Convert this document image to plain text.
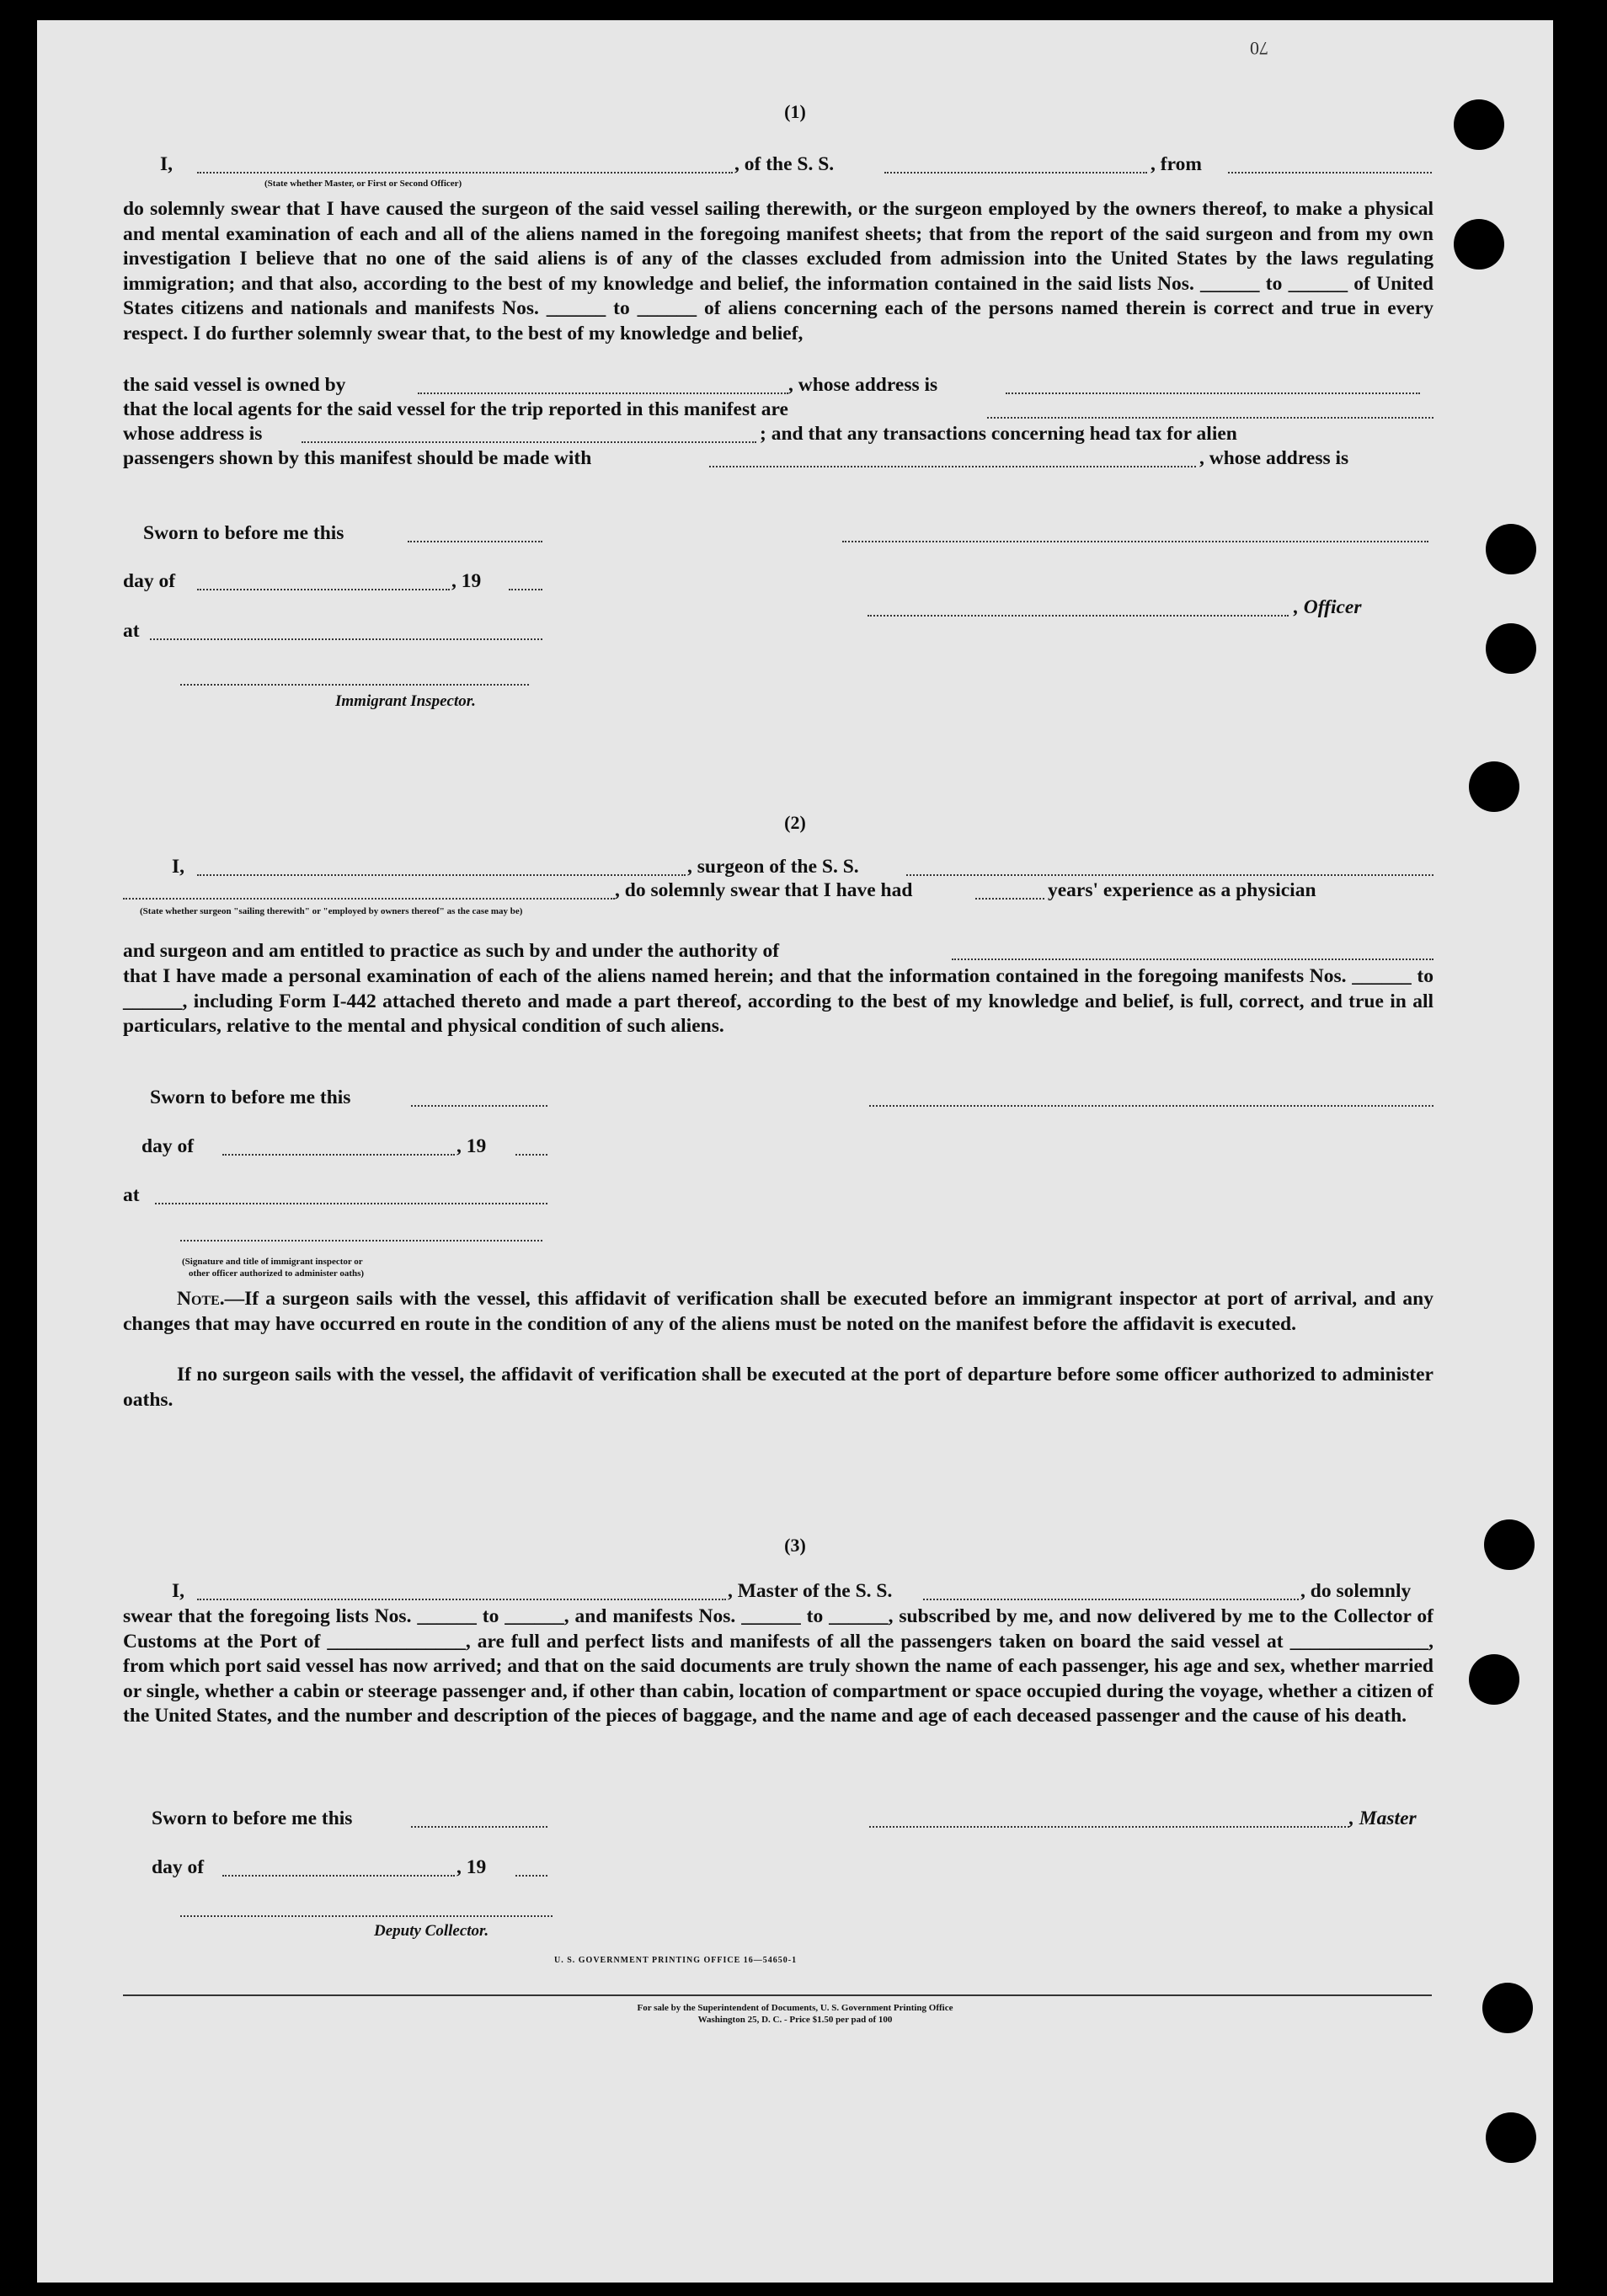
70
(1)
I,	, of the S. S.	, from
(State whether Master, or First or Second Officer)
do solemnly swear that I have caused the surgeon of the said vessel sailing therewith, or the surgeon employed by the owners thereof, to make a physical and mental examination of each and all of the aliens named in the foregoing manifest sheets; that from the report of the said surgeon and from my own investigation I believe that no one of the said aliens is of any of the classes excluded from admission into the United States by the laws regulating immigration; and that also, according to the best of my knowledge and belief, the information contained in the said lists Nos. ______ to ______ of United States citizens and nationals and manifests Nos. ______ to ______ of aliens concerning each of the persons named therein is correct and true in every respect. I do further solemnly swear that, to the best of my knowledge and belief,
the said vessel is owned by	, whose address is
that the local agents for the said vessel for the trip reported in this manifest are
whose address is	; and that any transactions concerning head tax for alien
passengers shown by this manifest should be made with	, whose address is
Sworn to before me this
day of	, 19
, Officer
at
Immigrant Inspector.
(2)
I,	, surgeon of the S. S.
, do solemnly swear that I have had	years' experience as a physician
(State whether surgeon "sailing therewith" or "employed by owners thereof" as the case may be)
and surgeon and am entitled to practice as such by and under the authority of
that I have made a personal examination of each of the aliens named herein; and that the information contained in the foregoing manifests Nos. ______ to ______, including Form I-442 attached thereto and made a part thereof, according to the best of my knowledge and belief, is full, correct, and true in all particulars, relative to the mental and physical condition of such aliens.
Sworn to before me this
day of	, 19
at
(Signature and title of immigrant inspector or
other officer authorized to administer oaths)
Note.—If a surgeon sails with the vessel, this affidavit of verification shall be executed before an immigrant inspector at port of arrival, and any changes that may have occurred en route in the condition of any of the aliens must be noted on the manifest before the affidavit is executed.
If no surgeon sails with the vessel, the affidavit of verification shall be executed at the port of departure before some officer authorized to administer oaths.
(3)
I,	, Master of the S. S.	, do solemnly
swear that the foregoing lists Nos. ______ to ______, and manifests Nos. ______ to ______, subscribed by me, and now delivered by me to the Collector of Customs at the Port of ______________, are full and perfect lists and manifests of all the passengers taken on board the said vessel at ______________, from which port said vessel has now arrived; and that on the said documents are truly shown the name of each passenger, his age and sex, whether married or single, whether a cabin or steerage passenger and, if other than cabin, location of compartment or space occupied during the voyage, whether a citizen of the United States, and the number and description of the pieces of baggage, and the name and age of each deceased passenger and the cause of his death.
Sworn to before me this	, Master
day of	, 19
Deputy Collector.
U. S. GOVERNMENT PRINTING OFFICE 16—54650-1
For sale by the Superintendent of Documents, U. S. Government Printing Office
Washington 25, D. C. - Price $1.50 per pad of 100
